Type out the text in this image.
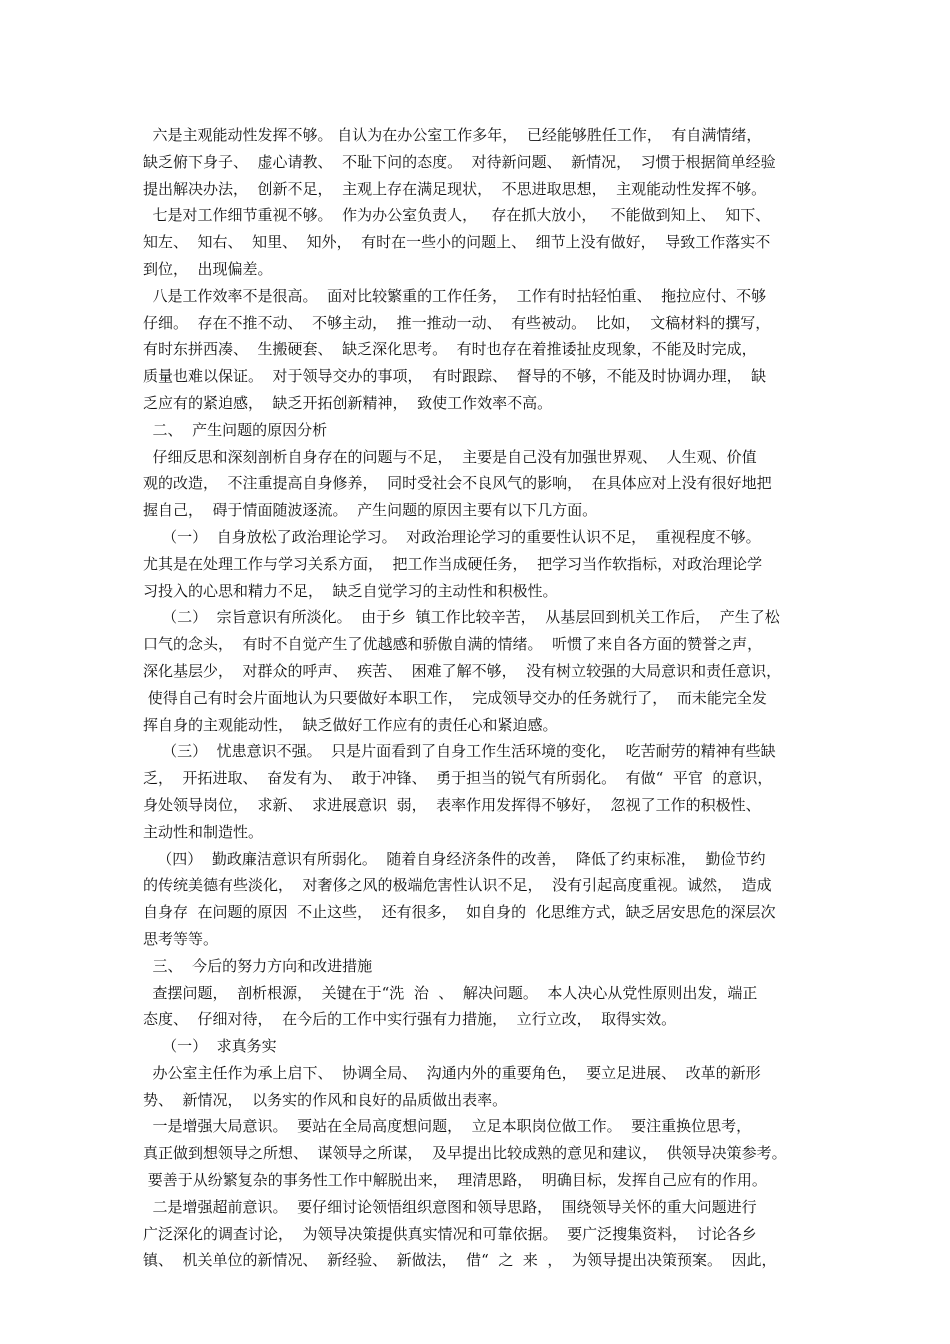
六是主观能动性发挥不够。 自认为在办公室工作多年，  已经能够胜任工作，  有自满情绪，
缺乏俯下身子、  虚心请教、  不耻下问的态度。  对待新问题、  新情况，  习惯于根据简单经验
提出解决办法，  创新不足，  主观上存在满足现状，  不思进取思想，  主观能动性发挥不够。
七是对工作细节重视不够。  作为办公室负责人，   存在抓大放小，   不能做到知上、  知下、
知左、  知右、  知里、  知外，  有时在一些小的问题上、  细节上没有做好，  导致工作落实不
到位，  出现偏差。
八是工作效率不是很高。  面对比较繁重的工作任务，  工作有时拈轻怕重、  拖拉应付、不够
仔细。  存在不推不动、  不够主动，  推一推动一动、  有些被动。  比如，  文稿材料的撰写，
有时东拼西凑、  生搬硬套、  缺乏深化思考。  有时也存在着推诿扯皮现象，不能及时完成，
质量也难以保证。  对于领导交办的事项，  有时跟踪、  督导的不够，不能及时协调办理，  缺
乏应有的紧迫感，  缺乏开拓创新精神，  致使工作效率不高。
二、  产生问题的原因分析
仔细反思和深刻剖析自身存在的问题与不足，  主要是自己没有加强世界观、  人生观、价值
观的改造，  不注重提高自身修养，  同时受社会不良风气的影响，  在具体应对上没有很好地把
握自己，  碍于情面随波逐流。  产生问题的原因主要有以下几方面。
（一）  自身放松了政治理论学习。  对政治理论学习的重要性认识不足，  重视程度不够。
尤其是在处理工作与学习关系方面，  把工作当成硬任务，  把学习当作软指标，对政治理论学
习投入的心思和精力不足，  缺乏自觉学习的主动性和积极性。
（二）  宗旨意识有所淡化。  由于乡  镇工作比较辛苦，  从基层回到机关工作后，  产生了松
口气的念头，  有时不自觉产生了优越感和骄傲自满的情绪。  听惯了来自各方面的赞誉之声，
深化基层少，  对群众的呼声、  疾苦、  困难了解不够，  没有树立较强的大局意识和责任意识，
使得自己有时会片面地认为只要做好本职工作，  完成领导交办的任务就行了，  而未能完全发
挥自身的主观能动性，  缺乏做好工作应有的责任心和紧迫感。
（三）  忧患意识不强。  只是片面看到了自身工作生活环境的变化，  吃苦耐劳的精神有些缺
乏，  开拓进取、  奋发有为、  敢于冲锋、  勇于担当的锐气有所弱化。  有做“  平官  的意识，
身处领导岗位，  求新、  求进展意识  弱，  表率作用发挥得不够好，  忽视了工作的积极性、
主动性和制造性。
（四）  勤政廉洁意识有所弱化。  随着自身经济条件的改善，  降低了约束标准，  勤俭节约
的传统美德有些淡化，  对奢侈之风的极端危害性认识不足，  没有引起高度重视。诚然，  造成
自身存  在问题的原因  不止这些，  还有很多，  如自身的  化思维方式，缺乏居安思危的深层次
思考等等。
三、  今后的努力方向和改进措施
查摆问题，  剖析根源，  关键在于“洗  治  、  解决问题。  本人决心从党性原则出发，端正
态度、  仔细对待，  在今后的工作中实行强有力措施，  立行立改，  取得实效。
（一）  求真务实
办公室主任作为承上启下、  协调全局、  沟通内外的重要角色，  要立足进展、  改革的新形
势、  新情况，  以务实的作风和良好的品质做出表率。
一是增强大局意识。  要站在全局高度想问题，  立足本职岗位做工作。  要注重换位思考，
真正做到想领导之所想、  谋领导之所谋，  及早提出比较成熟的意见和建议，  供领导决策参考。
要善于从纷繁复杂的事务性工作中解脱出来，  理清思路，  明确目标，发挥自己应有的作用。
二是增强超前意识。  要仔细讨论领悟组织意图和领导思路，  围绕领导关怀的重大问题进行
广泛深化的调查讨论，  为领导决策提供真实情况和可靠依据。  要广泛搜集资料，  讨论各乡
镇、  机关单位的新情况、  新经验、  新做法，  借“  之  来  ，  为领导提出决策预案。  因此，
